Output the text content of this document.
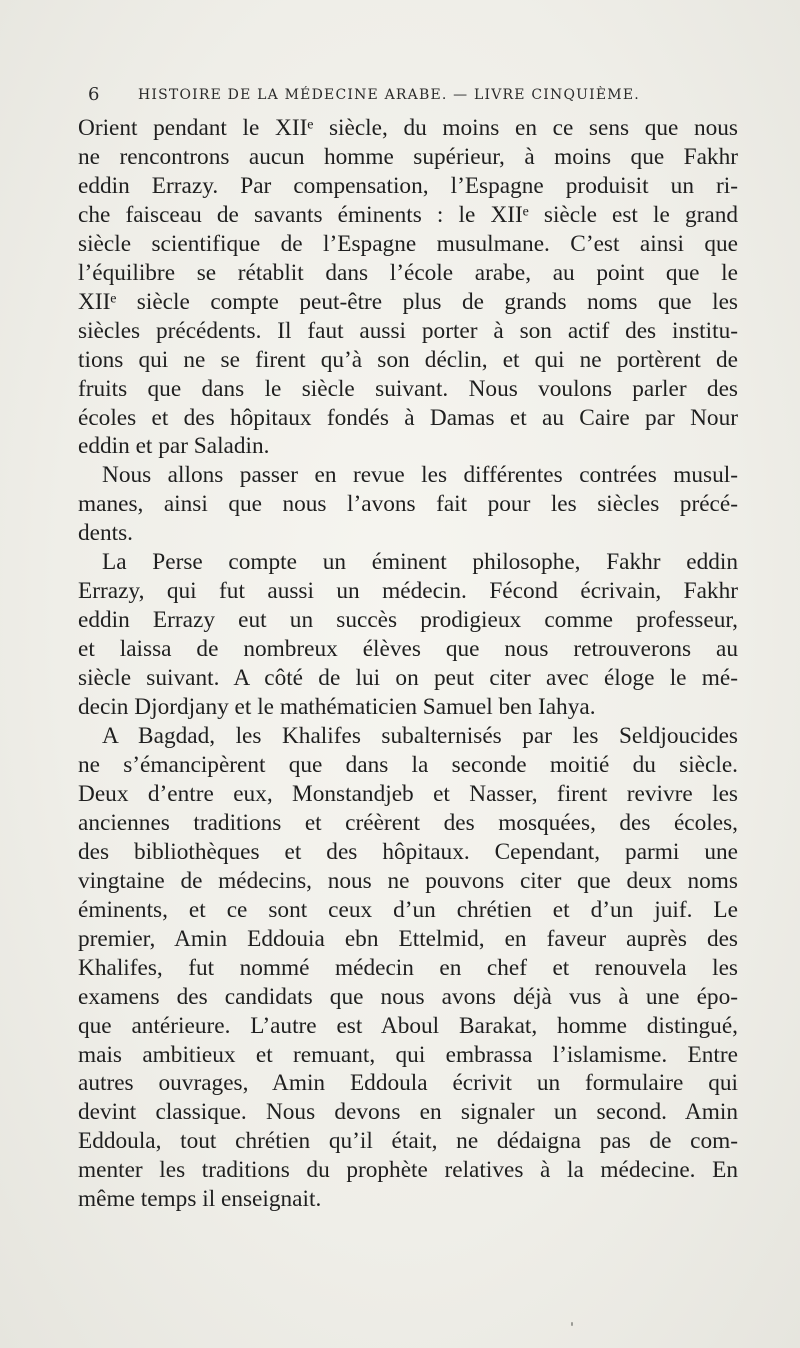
6	HISTOIRE DE LA MÉDECINE ARABE. — LIVRE CINQUIÈME.
Orient pendant le XIIᵉ siècle, du moins en ce sens que nous
ne rencontrons aucun homme supérieur, à moins que Fakhr
eddin Errazy. Par compensation, l’Espagne produisit un ri-
che faisceau de savants éminents : le XIIᵉ siècle est le grand
siècle scientifique de l’Espagne musulmane. C’est ainsi que
l’équilibre se rétablit dans l’école arabe, au point que le
XIIᵉ siècle compte peut-être plus de grands noms que les
siècles précédents. Il faut aussi porter à son actif des institu-
tions qui ne se firent qu’à son déclin, et qui ne portèrent de
fruits que dans le siècle suivant. Nous voulons parler des
écoles et des hôpitaux fondés à Damas et au Caire par Nour
eddin et par Saladin.
Nous allons passer en revue les différentes contrées musul-
manes, ainsi que nous l’avons fait pour les siècles précé-
dents.
La Perse compte un éminent philosophe, Fakhr eddin
Errazy, qui fut aussi un médecin. Fécond écrivain, Fakhr
eddin Errazy eut un succès prodigieux comme professeur,
et laissa de nombreux élèves que nous retrouverons au
siècle suivant. A côté de lui on peut citer avec éloge le mé-
decin Djordjany et le mathématicien Samuel ben Iahya.
A Bagdad, les Khalifes subalternisés par les Seldjoucides
ne s’émancipèrent que dans la seconde moitié du siècle.
Deux d’entre eux, Monstandjeb et Nasser, firent revivre les
anciennes traditions et créèrent des mosquées, des écoles,
des bibliothèques et des hôpitaux. Cependant, parmi une
vingtaine de médecins, nous ne pouvons citer que deux noms
éminents, et ce sont ceux d’un chrétien et d’un juif. Le
premier, Amin Eddouia ebn Ettelmid, en faveur auprès des
Khalifes, fut nommé médecin en chef et renouvela les
examens des candidats que nous avons déjà vus à une épo-
que antérieure. L’autre est Aboul Barakat, homme distingué,
mais ambitieux et remuant, qui embrassa l’islamisme. Entre
autres ouvrages, Amin Eddoula écrivit un formulaire qui
devint classique. Nous devons en signaler un second. Amin
Eddoula, tout chrétien qu’il était, ne dédaigna pas de com-
menter les traditions du prophète relatives à la médecine. En
même temps il enseignait.
